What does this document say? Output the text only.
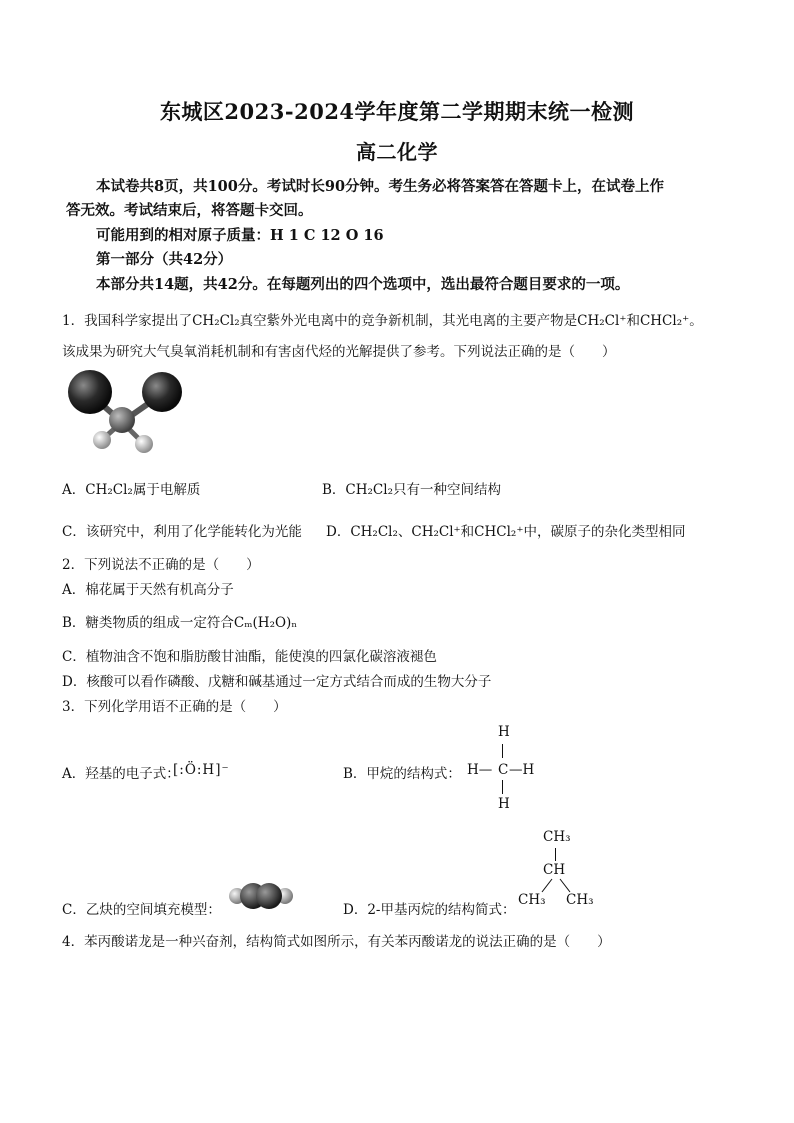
东城区2023-2024学年度第二学期期末统一检测
高二化学
本试卷共8页，共100分。考试时长90分钟。考生务必将答案答在答题卡上，在试卷上作
答无效。考试结束后，将答题卡交回。
可能用到的相对原子质量：H 1 C 12 O 16
第一部分（共42分）
本部分共14题，共42分。在每题列出的四个选项中，选出最符合题目要求的一项。
1．我国科学家提出了CH₂Cl₂真空紫外光电离中的竞争新机制，其光电离的主要产物是CH₂Cl⁺和CHCl₂⁺。
该成果为研究大气臭氧消耗机制和有害卤代烃的光解提供了参考。下列说法正确的是（　　）
A．CH₂Cl₂属于电解质	B．CH₂Cl₂只有一种空间结构
C．该研究中，利用了化学能转化为光能 D．CH₂Cl₂、CH₂Cl⁺和CHCl₂⁺中，碳原子的杂化类型相同
2．下列说法不正确的是（　　）
A．棉花属于天然有机高分子
B．糖类物质的组成一定符合Cₘ(H₂O)ₙ
C．植物油含不饱和脂肪酸甘油酯，能使溴的四氯化碳溶液褪色
D．核酸可以看作磷酸、戊糖和碱基通过一定方式结合而成的生物大分子
3．下列化学用语不正确的是（　　）
A．羟基的电子式：
[:Ö:H]⁻	B．甲烷的结构式：
H
H— C —H
H
C．乙炔的空间填充模型：	D．2-甲基丙烷的结构简式：
CH₃
CH
CH₃ CH₃
4．苯丙酸诺龙是一种兴奋剂，结构简式如图所示，有关苯丙酸诺龙的说法正确的是（　　）
